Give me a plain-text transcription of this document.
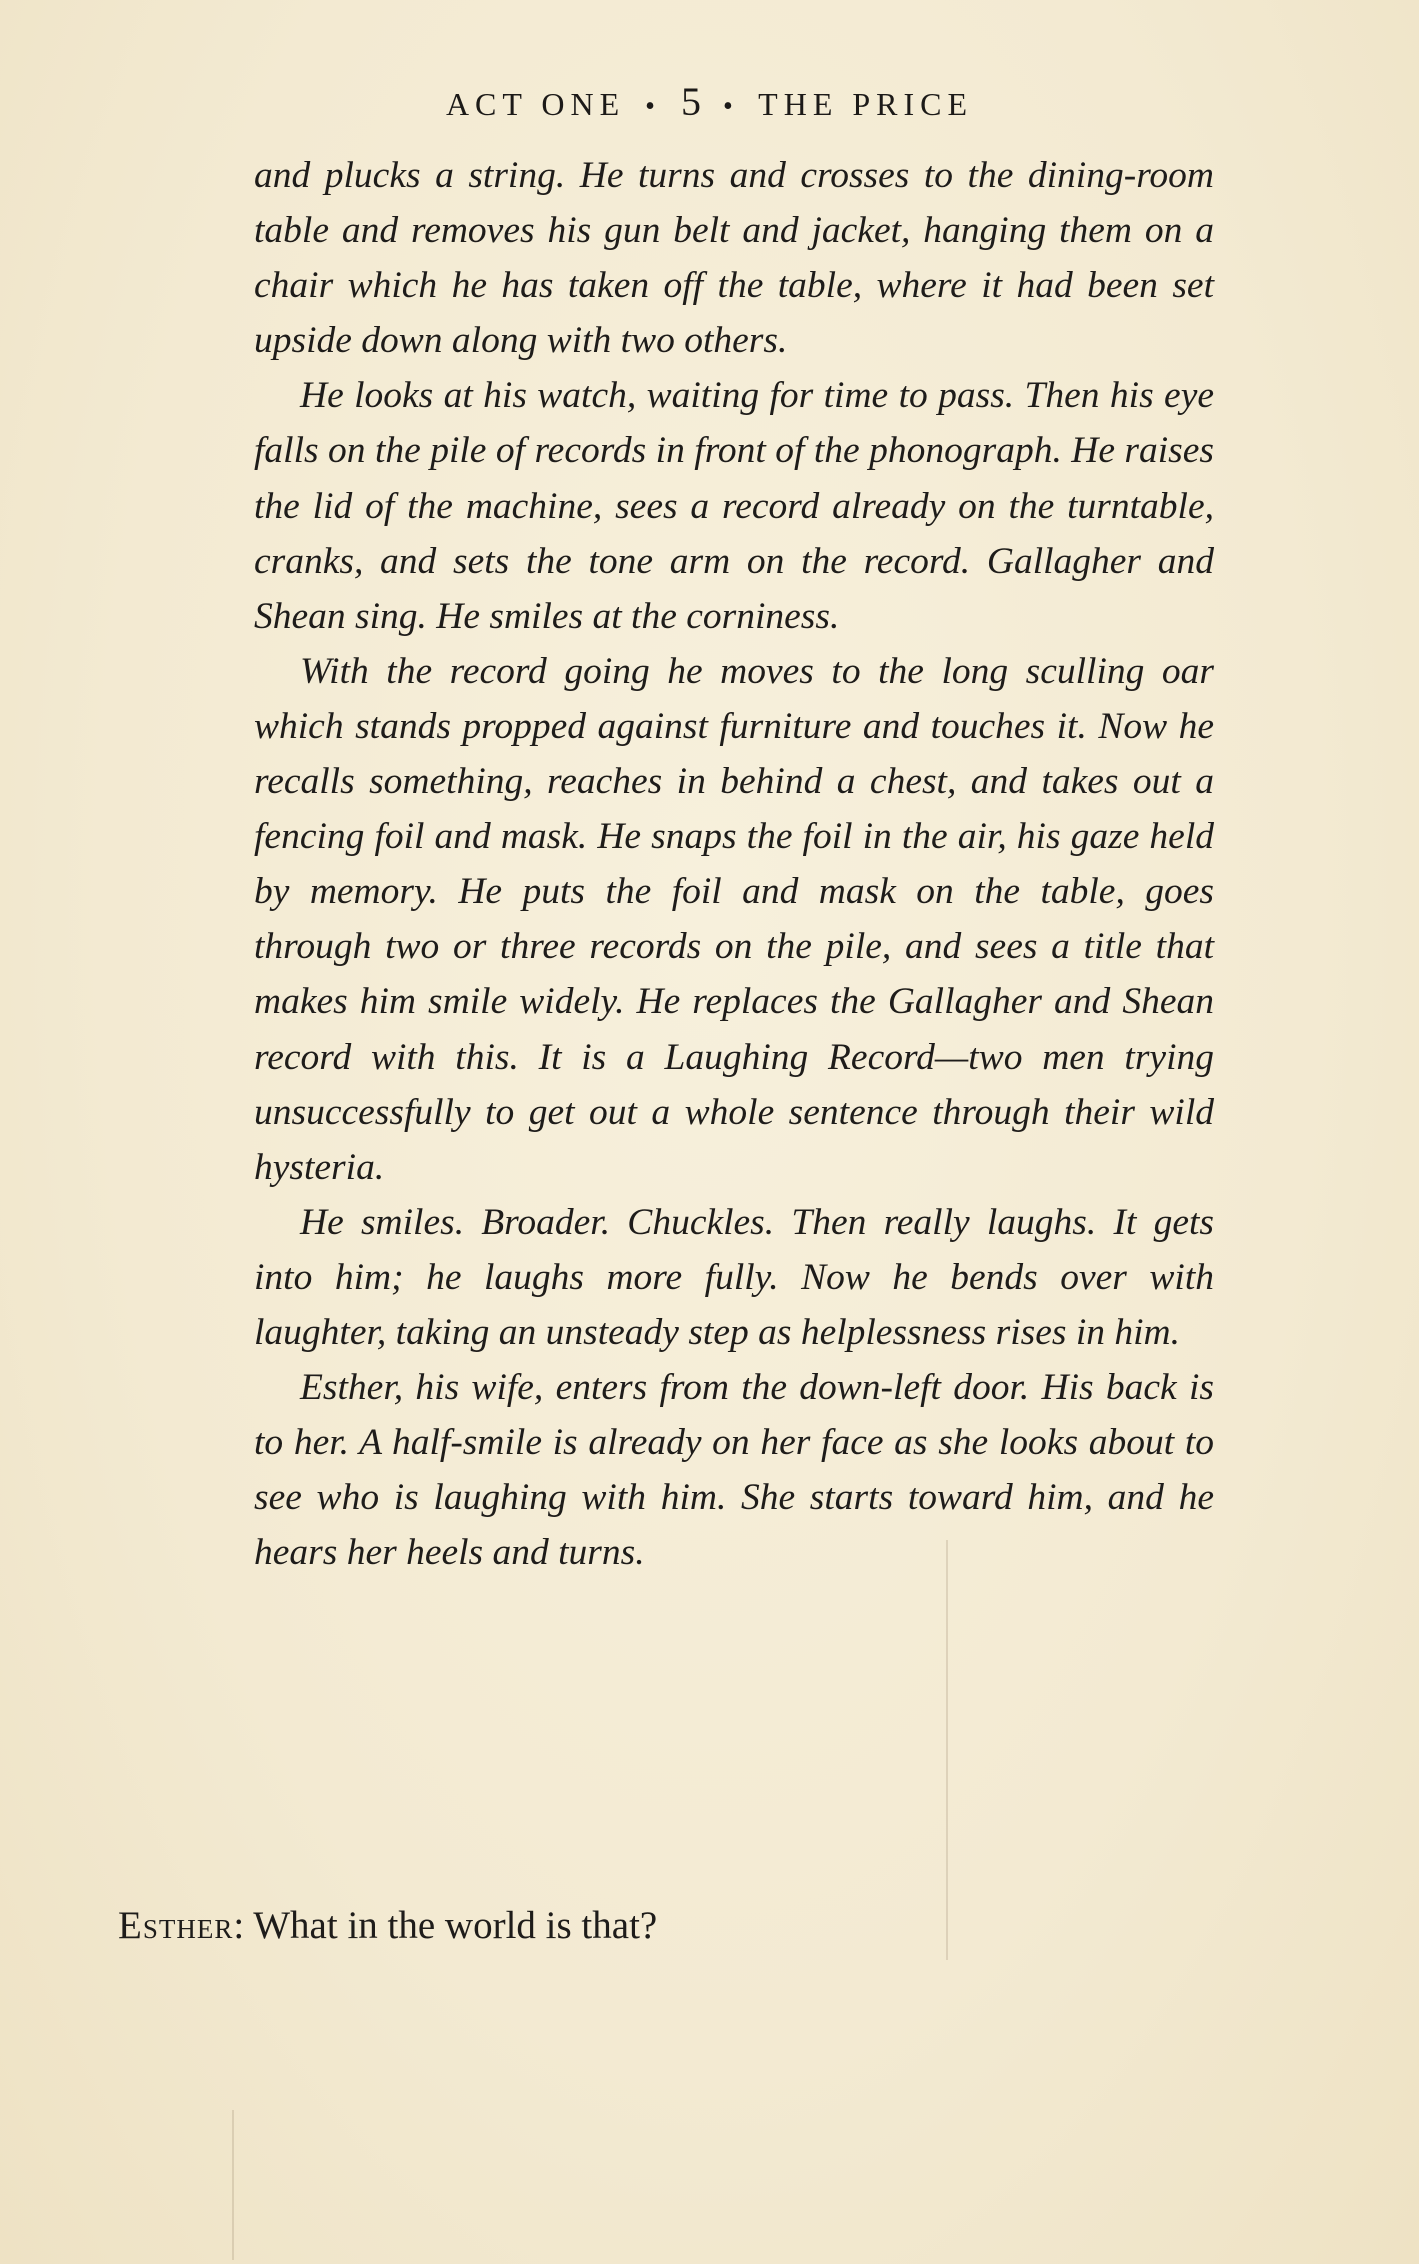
ACT ONE • 5 • THE PRICE

and plucks a string. He turns and crosses to the dining-room table and removes his gun belt and jacket, hanging them on a chair which he has taken off the table, where it had been set upside down along with two others.

He looks at his watch, waiting for time to pass. Then his eye falls on the pile of records in front of the phonograph. He raises the lid of the machine, sees a record already on the turntable, cranks, and sets the tone arm on the record. Gallagher and Shean sing. He smiles at the corniness.

With the record going he moves to the long sculling oar which stands propped against furniture and touches it. Now he recalls something, reaches in behind a chest, and takes out a fencing foil and mask. He snaps the foil in the air, his gaze held by memory. He puts the foil and mask on the table, goes through two or three records on the pile, and sees a title that makes him smile widely. He replaces the Gallagher and Shean record with this. It is a Laughing Record—two men trying unsuccessfully to get out a whole sentence through their wild hysteria.

He smiles. Broader. Chuckles. Then really laughs. It gets into him; he laughs more fully. Now he bends over with laughter, taking an unsteady step as helplessness rises in him.

Esther, his wife, enters from the down-left door. His back is to her. A half-smile is already on her face as she looks about to see who is laughing with him. She starts toward him, and he hears her heels and turns.

Esther: What in the world is that?
